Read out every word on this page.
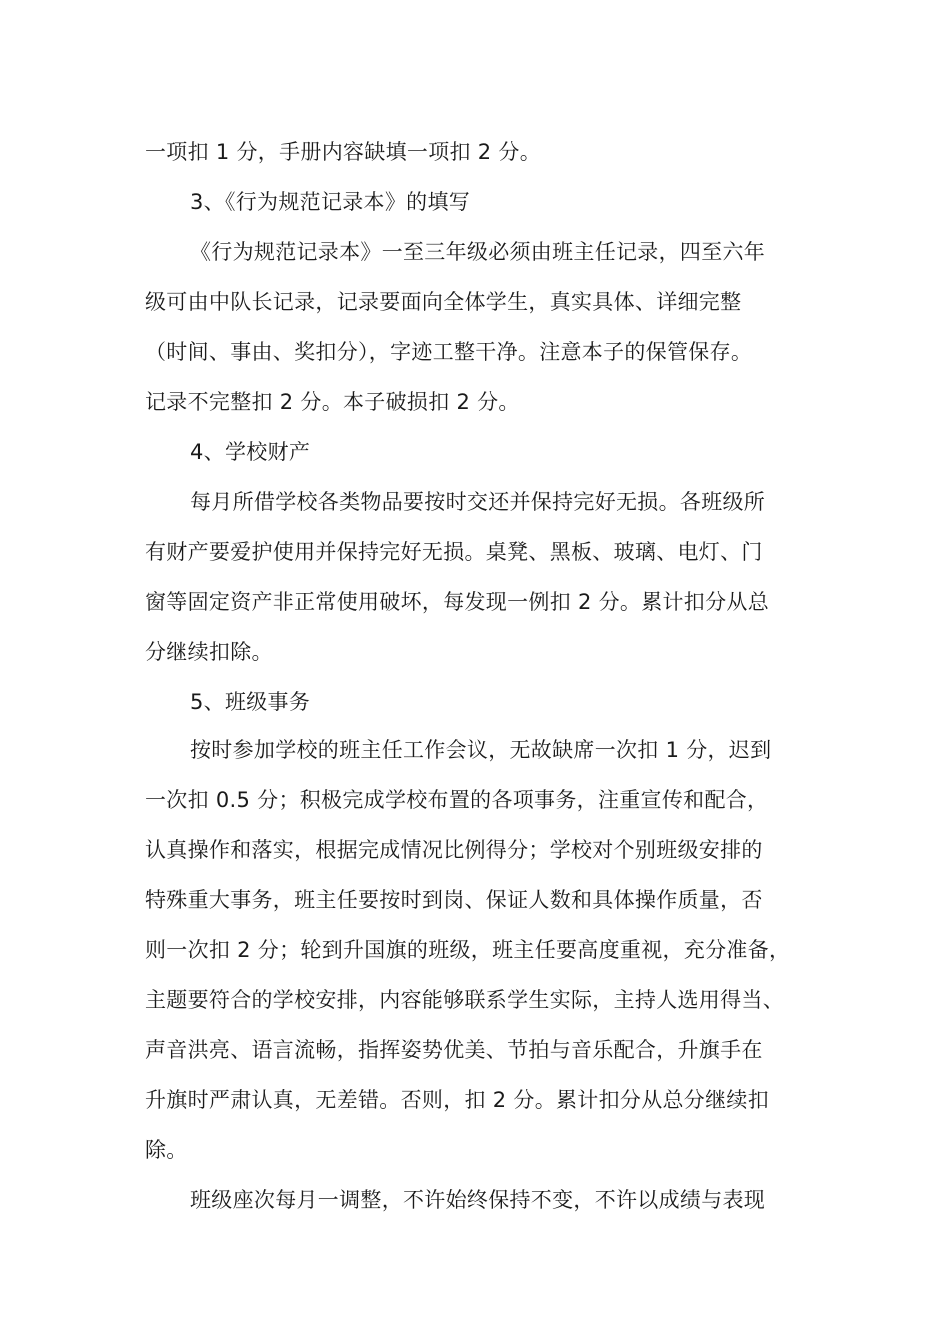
一项扣 1 分，手册内容缺填一项扣 2 分。
3、《行为规范记录本》的填写
《行为规范记录本》一至三年级必须由班主任记录，四至六年
级可由中队长记录，记录要面向全体学生，真实具体、详细完整
（时间、事由、奖扣分），字迹工整干净。注意本子的保管保存。
记录不完整扣 2 分。本子破损扣 2 分。
4、学校财产
每月所借学校各类物品要按时交还并保持完好无损。各班级所
有财产要爱护使用并保持完好无损。桌凳、黑板、玻璃、电灯、门
窗等固定资产非正常使用破坏，每发现一例扣 2 分。累计扣分从总
分继续扣除。
5、班级事务
按时参加学校的班主任工作会议，无故缺席一次扣 1 分，迟到
一次扣 0.5 分；积极完成学校布置的各项事务，注重宣传和配合，
认真操作和落实，根据完成情况比例得分；学校对个别班级安排的
特殊重大事务，班主任要按时到岗、保证人数和具体操作质量，否
则一次扣 2 分；轮到升国旗的班级，班主任要高度重视，充分准备，
主题要符合的学校安排，内容能够联系学生实际，主持人选用得当、
声音洪亮、语言流畅，指挥姿势优美、节拍与音乐配合，升旗手在
升旗时严肃认真，无差错。否则，扣 2 分。累计扣分从总分继续扣
除。
班级座次每月一调整，不许始终保持不变，不许以成绩与表现
